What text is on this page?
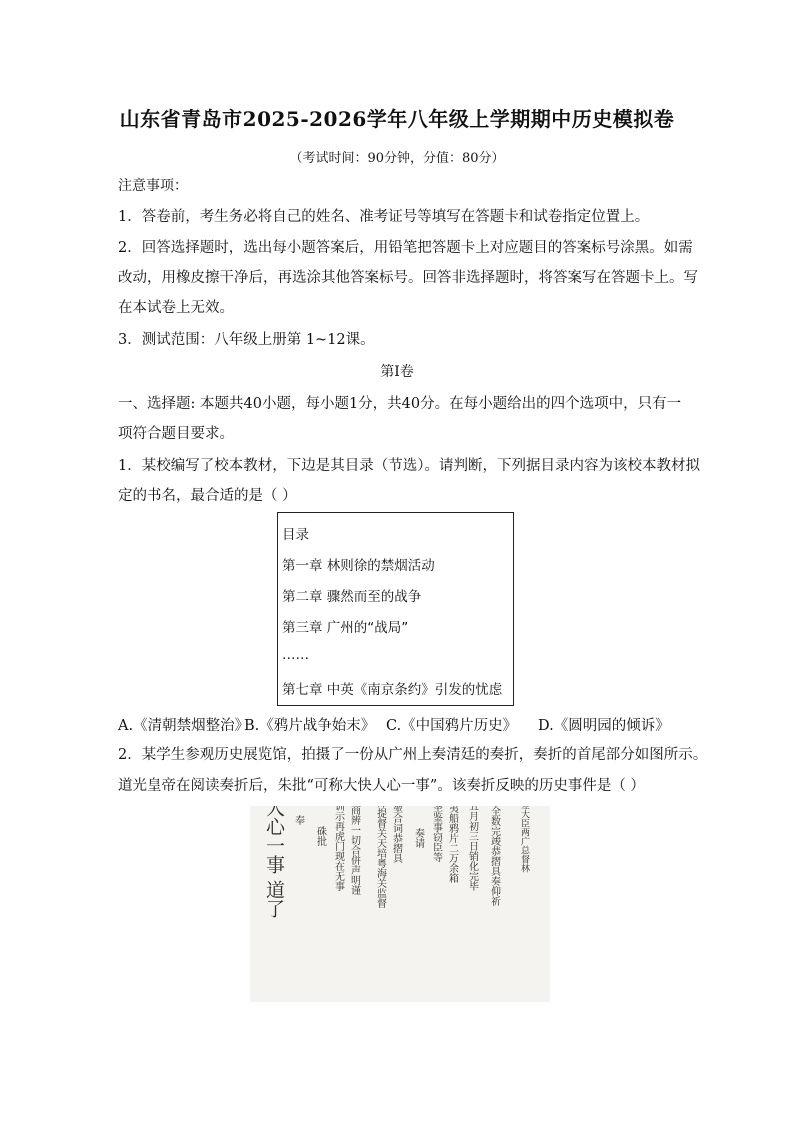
山东省青岛市2025-2026学年八年级上学期期中历史模拟卷
（考试时间：90分钟，分值：80分）
注意事项：
1．答卷前，考生务必将自己的姓名、准考证号等填写在答题卡和试卷指定位置上。
2．回答选择题时，选出每小题答案后，用铅笔把答题卡上对应题目的答案标号涂黑。如需
改动，用橡皮擦干净后，再选涂其他答案标号。回答非选择题时，将答案写在答题卡上。写
在本试卷上无效。
3．测试范围：八年级上册第 1~12课。
第Ⅰ卷
一、选择题: 本题共40小题，每小题1分，共40分。在每小题给出的四个选项中，只有一
项符合题目要求。
1．某校编写了校本教材，下边是其目录（节选）。请判断，下列据目录内容为该校本教材拟
定的书名，最合适的是（ ）
目录
第一章 林则徐的禁烟活动
第二章 骤然而至的战争
第三章 广州的“战局”
……
第七章 中英《南京条约》引发的忧虑
A.《清朝禁烟整治》
B.《鸦片战争始末》 C.《中国鸦片历史》 D.《圆明园的倾诉》
2．某学生参观历史展览馆，拍摄了一份从广州上奏清廷的奏折，奏折的首尾部分如图所示。
道光皇帝在阅读奏折后，朱批“可称大快人心一事”。该奏折反映的历史事件是（ ）
可称大快人心一事 道了 奉
硃批 皇上圣鉴训示再虎门现在无事 有缺商辨一切合併声明谨 等谨会同水师提督关天培粤海关监督 豫堃合词恭摺具 奏请 圣鉴事窃臣等 饬令将夷船鸦片二万余箱 五月初三日销化完毕 奏为虎门销化烟土全数完竣恭摺具奏仰祈 钦差大臣两广总督林
